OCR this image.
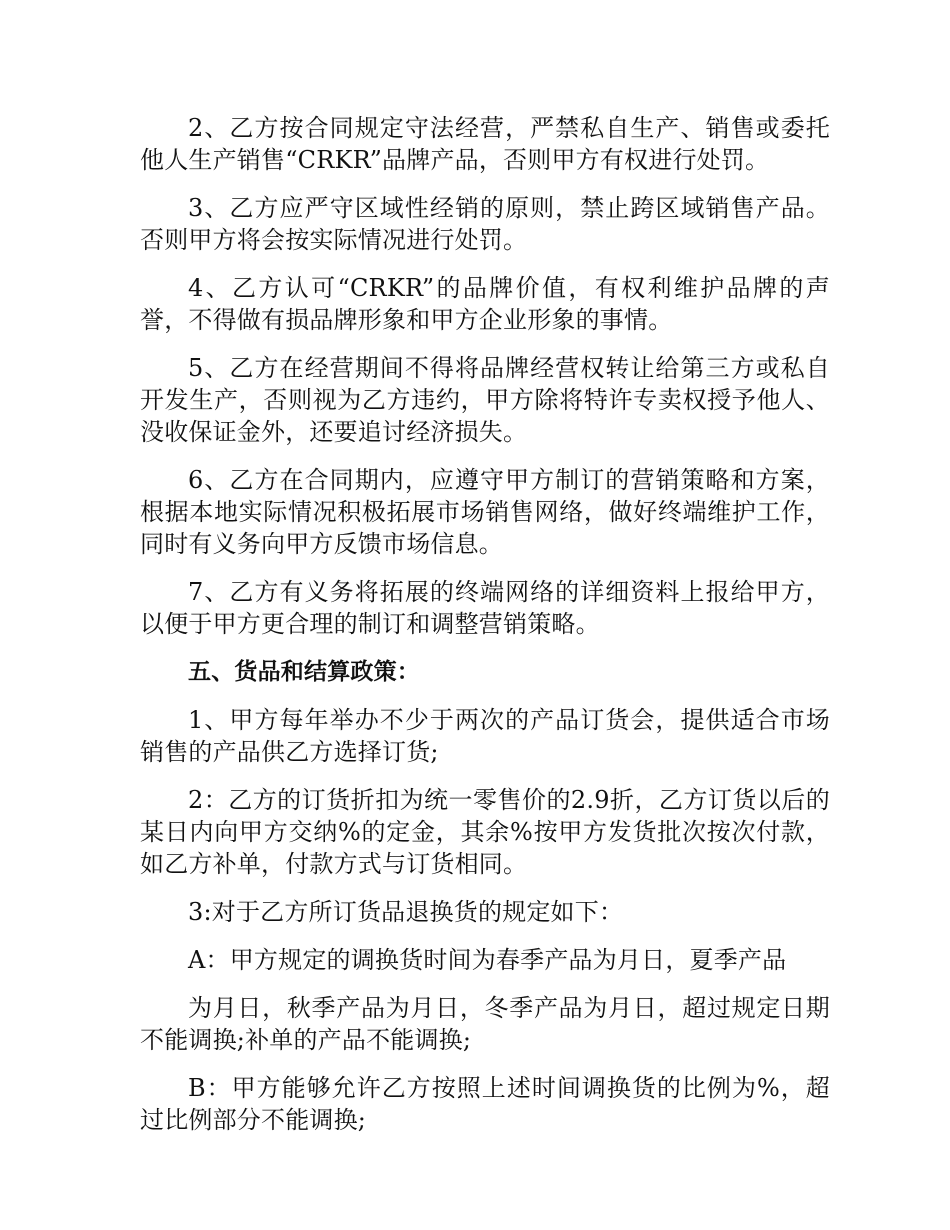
2、乙方按合同规定守法经营，严禁私自生产、销售或委托他人生产销售“CRKR”品牌产品，否则甲方有权进行处罚。

3、乙方应严守区域性经销的原则，禁止跨区域销售产品。否则甲方将会按实际情况进行处罚。

4、乙方认可“CRKR”的品牌价值，有权利维护品牌的声誉，不得做有损品牌形象和甲方企业形象的事情。

5、乙方在经营期间不得将品牌经营权转让给第三方或私自开发生产，否则视为乙方违约，甲方除将特许专卖权授予他人、没收保证金外，还要追讨经济损失。

6、乙方在合同期内，应遵守甲方制订的营销策略和方案，根据本地实际情况积极拓展市场销售网络，做好终端维护工作，同时有义务向甲方反馈市场信息。

7、乙方有义务将拓展的终端网络的详细资料上报给甲方，以便于甲方更合理的制订和调整营销策略。

五、货品和结算政策：

1、甲方每年举办不少于两次的产品订货会，提供适合市场销售的产品供乙方选择订货;

2：乙方的订货折扣为统一零售价的2.9折，乙方订货以后的某日内向甲方交纳%的定金，其余%按甲方发货批次按次付款，如乙方补单，付款方式与订货相同。

3:对于乙方所订货品退换货的规定如下：

A：甲方规定的调换货时间为春季产品为月日，夏季产品

为月日，秋季产品为月日，冬季产品为月日，超过规定日期不能调换;补单的产品不能调换;

B：甲方能够允许乙方按照上述时间调换货的比例为%，超过比例部分不能调换;
